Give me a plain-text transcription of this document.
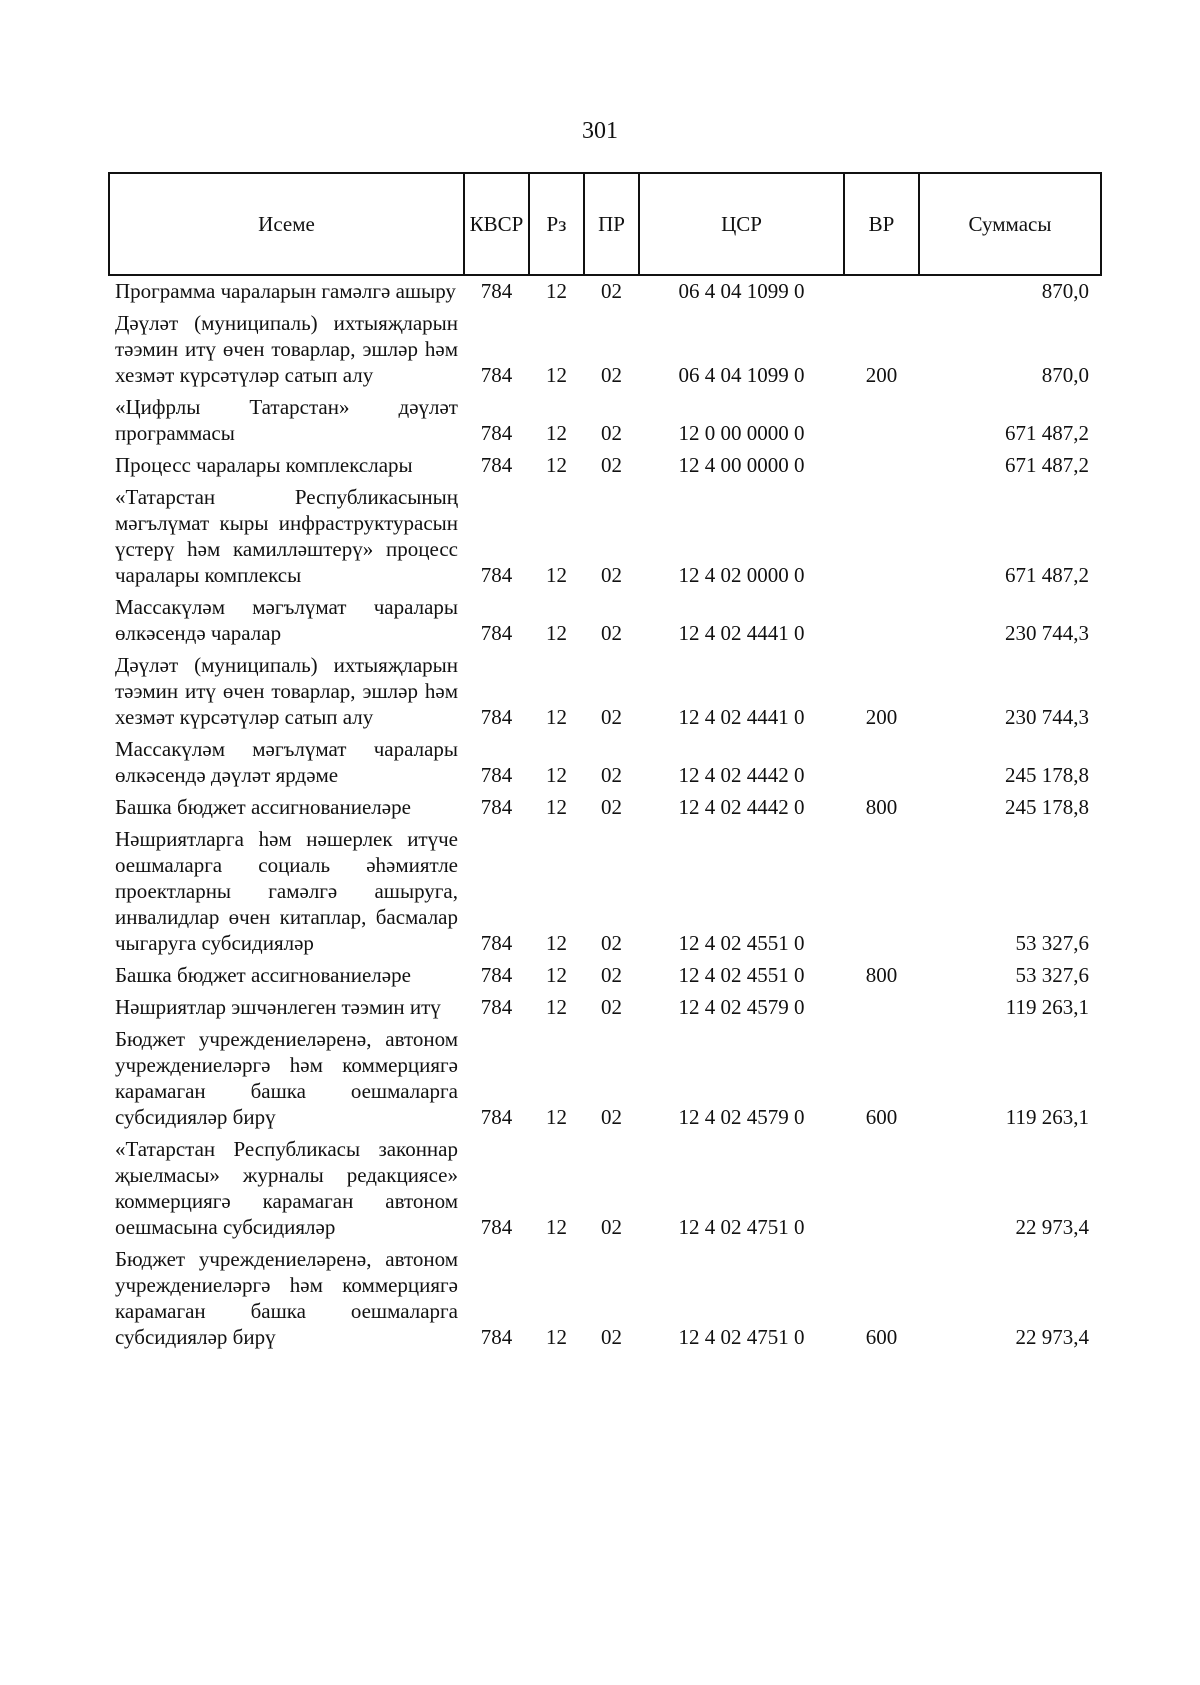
301
Исеме	КВСР	Рз	ПР	ЦСР	ВР	Суммасы
Программа чараларын гамәлгә ашыру	784	12	02	06 4 04 1099 0		870,0
Дәүләт (муниципаль) ихтыяҗларын тәэмин итү өчен товарлар, эшләр һәм хезмәт күрсәтүләр сатып алу	784	12	02	06 4 04 1099 0	200	870,0
«Цифрлы Татарстан» дәүләт программасы	784	12	02	12 0 00 0000 0		671 487,2
Процесс чаралары комплекслары	784	12	02	12 4 00 0000 0		671 487,2
«Татарстан Республикасының мәгълүмат кыры инфраструктурасын үстерү һәм камилләштерү» процесс чаралары комплексы	784	12	02	12 4 02 0000 0		671 487,2
Массакүләм мәгълүмат чаралары өлкәсендә чаралар	784	12	02	12 4 02 4441 0		230 744,3
Дәүләт (муниципаль) ихтыяҗларын тәэмин итү өчен товарлар, эшләр һәм хезмәт күрсәтүләр сатып алу	784	12	02	12 4 02 4441 0	200	230 744,3
Массакүләм мәгълүмат чаралары өлкәсендә дәүләт ярдәме	784	12	02	12 4 02 4442 0		245 178,8
Башка бюджет ассигнованиеләре	784	12	02	12 4 02 4442 0	800	245 178,8
Нәшриятларга һәм нәшерлек итүче оешмаларга социаль әһәмиятле проектларны гамәлгә ашыруга, инвалидлар өчен китаплар, басмалар чыгаруга субсидияләр	784	12	02	12 4 02 4551 0		53 327,6
Башка бюджет ассигнованиеләре	784	12	02	12 4 02 4551 0	800	53 327,6
Нәшриятлар эшчәнлеген тәэмин итү	784	12	02	12 4 02 4579 0		119 263,1
Бюджет учреждениеләренә, автоном учреждениеләргә һәм коммерциягә карамаган башка оешмаларга субсидияләр бирү	784	12	02	12 4 02 4579 0	600	119 263,1
«Татарстан Республикасы законнар җыелмасы» журналы редакциясе» коммерциягә карамаган автоном оешмасына субсидияләр	784	12	02	12 4 02 4751 0		22 973,4
Бюджет учреждениеләренә, автоном учреждениеләргә һәм коммерциягә карамаган башка оешмаларга субсидияләр бирү	784	12	02	12 4 02 4751 0	600	22 973,4
